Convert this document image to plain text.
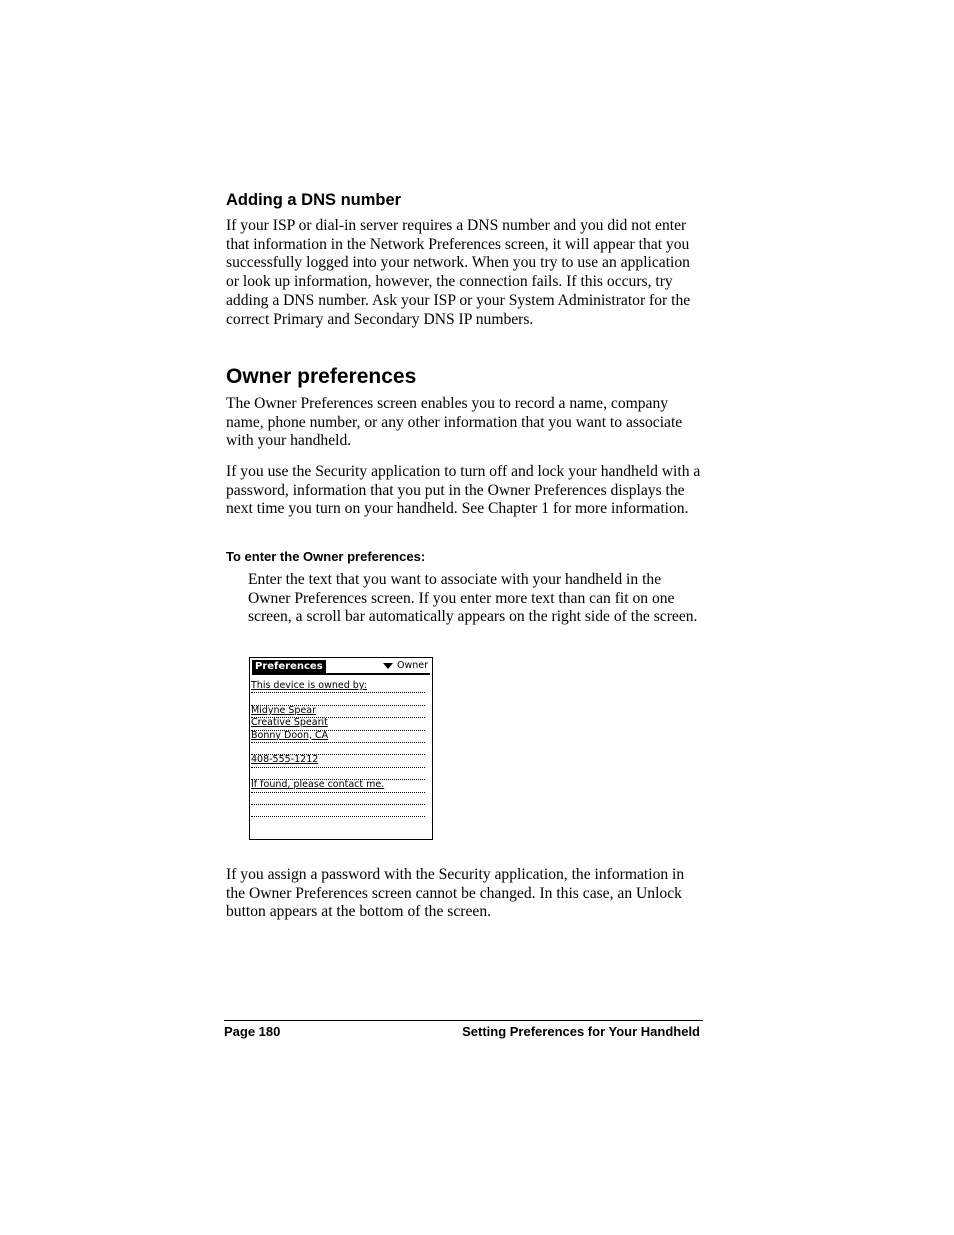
Adding a DNS number
If your ISP or dial-in server requires a DNS number and you did not enter that information in the Network Preferences screen, it will appear that you successfully logged into your network. When you try to use an application or look up information, however, the connection fails. If this occurs, try adding a DNS number. Ask your ISP or your System Administrator for the correct Primary and Secondary DNS IP numbers.
Owner preferences
The Owner Preferences screen enables you to record a name, company name, phone number, or any other information that you want to associate with your handheld.
If you use the Security application to turn off and lock your handheld with a password, information that you put in the Owner Preferences displays the next time you turn on your handheld. See Chapter 1 for more information.
To enter the Owner preferences:
Enter the text that you want to associate with your handheld in the Owner Preferences screen. If you enter more text than can fit on one screen, a scroll bar automatically appears on the right side of the screen.
Preferences	Owner
This device is owned by:
Midyne Spear
Creative Spearit
Bonny Doon, CA
408-555-1212
If found, please contact me.
If you assign a password with the Security application, the information in the Owner Preferences screen cannot be changed. In this case, an Unlock button appears at the bottom of the screen.
Page 180	Setting Preferences for Your Handheld
